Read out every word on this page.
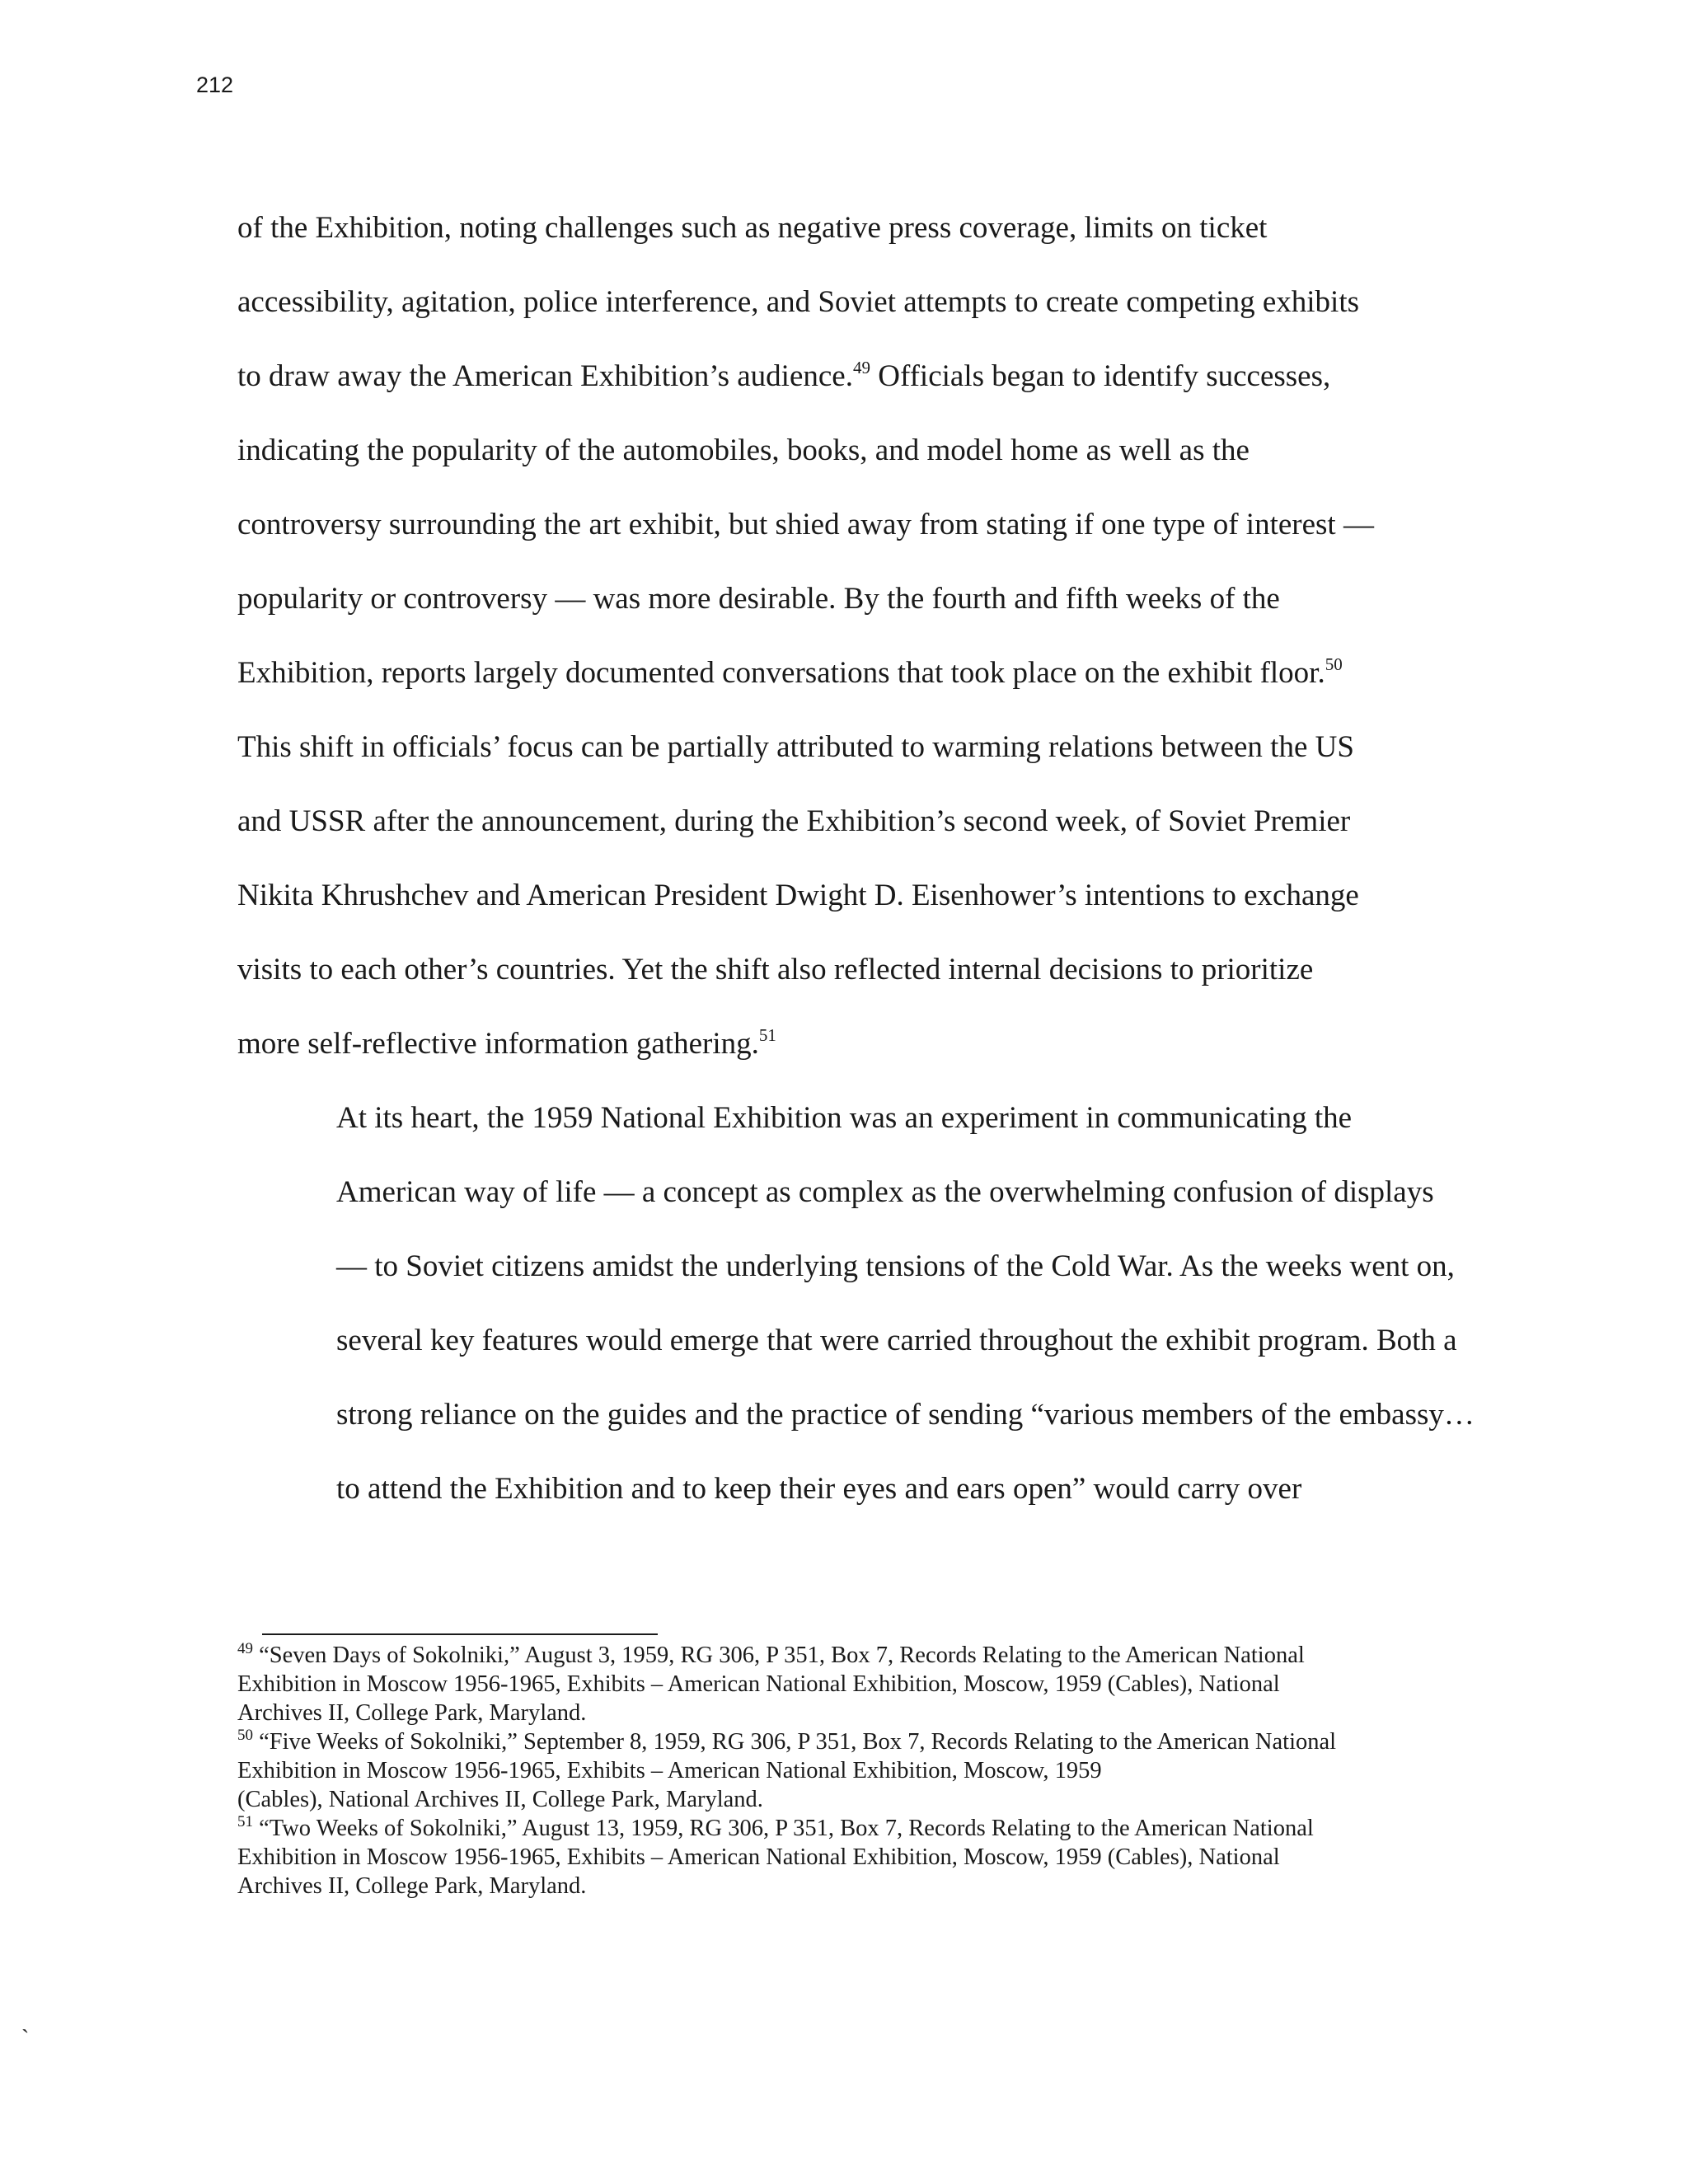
212

of the Exhibition, noting challenges such as negative press coverage, limits on ticket
accessibility, agitation, police interference, and Soviet attempts to create competing exhibits
to draw away the American Exhibition’s audience.$^{49}$ Officials began to identify successes,
indicating the popularity of the automobiles, books, and model home as well as the
controversy surrounding the art exhibit, but shied away from stating if one type of interest —
popularity or controversy — was more desirable. By the fourth and fifth weeks of the
Exhibition, reports largely documented conversations that took place on the exhibit floor.$^{50}$
This shift in officials’ focus can be partially attributed to warming relations between the US
and USSR after the announcement, during the Exhibition’s second week, of Soviet Premier
Nikita Khrushchev and American President Dwight D. Eisenhower’s intentions to exchange
visits to each other’s countries. Yet the shift also reflected internal decisions to prioritize
more self-reflective information gathering.$^{51}$

At its heart, the 1959 National Exhibition was an experiment in communicating the
American way of life — a concept as complex as the overwhelming confusion of displays
— to Soviet citizens amidst the underlying tensions of the Cold War. As the weeks went on,
several key features would emerge that were carried throughout the exhibit program. Both a
strong reliance on the guides and the practice of sending “various members of the embassy…
to attend the Exhibition and to keep their eyes and ears open” would carry over

$^{49}$ “Seven Days of Sokolniki,” August 3, 1959, RG 306, P 351, Box 7, Records Relating to the American National
Exhibition in Moscow 1956-1965, Exhibits – American National Exhibition, Moscow, 1959 (Cables), National
Archives II, College Park, Maryland.
$^{50}$ “Five Weeks of Sokolniki,” September 8, 1959, RG 306, P 351, Box 7, Records Relating to the American National
Exhibition in Moscow 1956-1965, Exhibits – American National Exhibition, Moscow, 1959
(Cables), National Archives II, College Park, Maryland.
$^{51}$ “Two Weeks of Sokolniki,” August 13, 1959, RG 306, P 351, Box 7, Records Relating to the American National
Exhibition in Moscow 1956-1965, Exhibits – American National Exhibition, Moscow, 1959 (Cables), National
Archives II, College Park, Maryland.
`
